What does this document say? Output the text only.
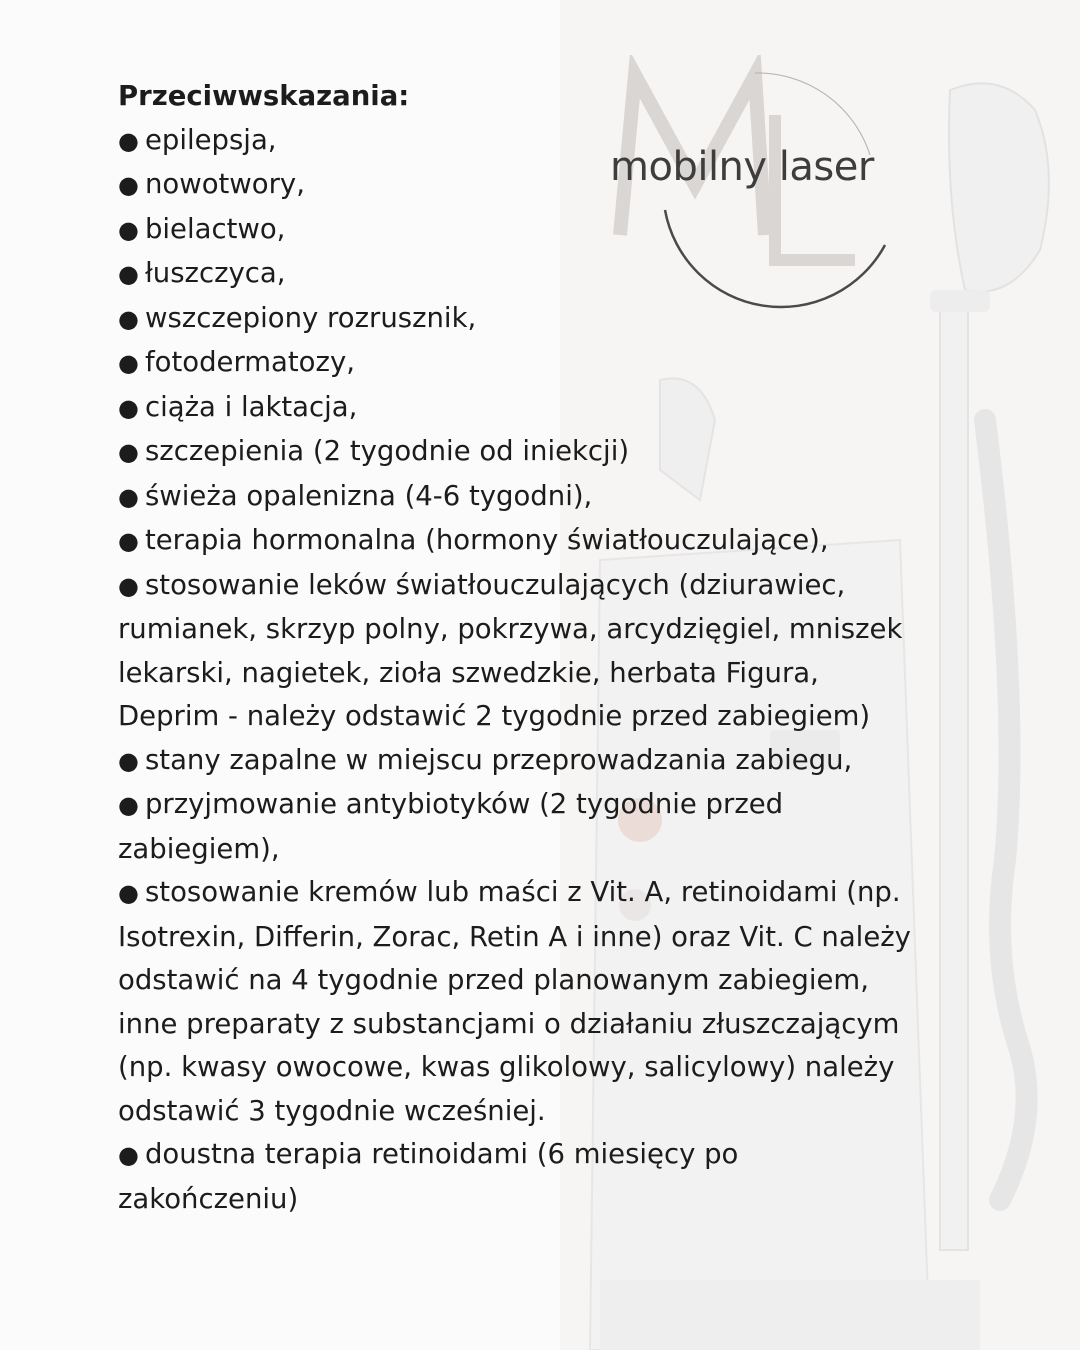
mobilny laser

Przeciwwskazania:

● epilepsja,
● nowotwory,
● bielactwo,
● łuszczyca,
● wszczepiony rozrusznik,
● fotodermatozy,
● ciąża i laktacja,
● szczepienia (2 tygodnie od iniekcji)
● świeża opalenizna (4-6 tygodni),
● terapia hormonalna (hormony światłouczulające),
● stosowanie leków światłouczulających (dziurawiec, rumianek, skrzyp polny, pokrzywa, arcydzięgiel, mniszek lekarski, nagietek, zioła szwedzkie, herbata Figura, Deprim - należy odstawić 2 tygodnie przed zabiegiem)
● stany zapalne w miejscu przeprowadzania zabiegu,
● przyjmowanie antybiotyków (2 tygodnie przed zabiegiem),
● stosowanie kremów lub maści z Vit. A, retinoidami (np. Isotrexin, Differin, Zorac, Retin A i inne) oraz Vit. C należy odstawić na 4 tygodnie przed planowanym zabiegiem, inne preparaty z substancjami o działaniu złuszczającym (np. kwasy owocowe, kwas glikolowy, salicylowy) należy odstawić 3 tygodnie wcześniej.
● doustna terapia retinoidami (6 miesięcy po zakończeniu)
